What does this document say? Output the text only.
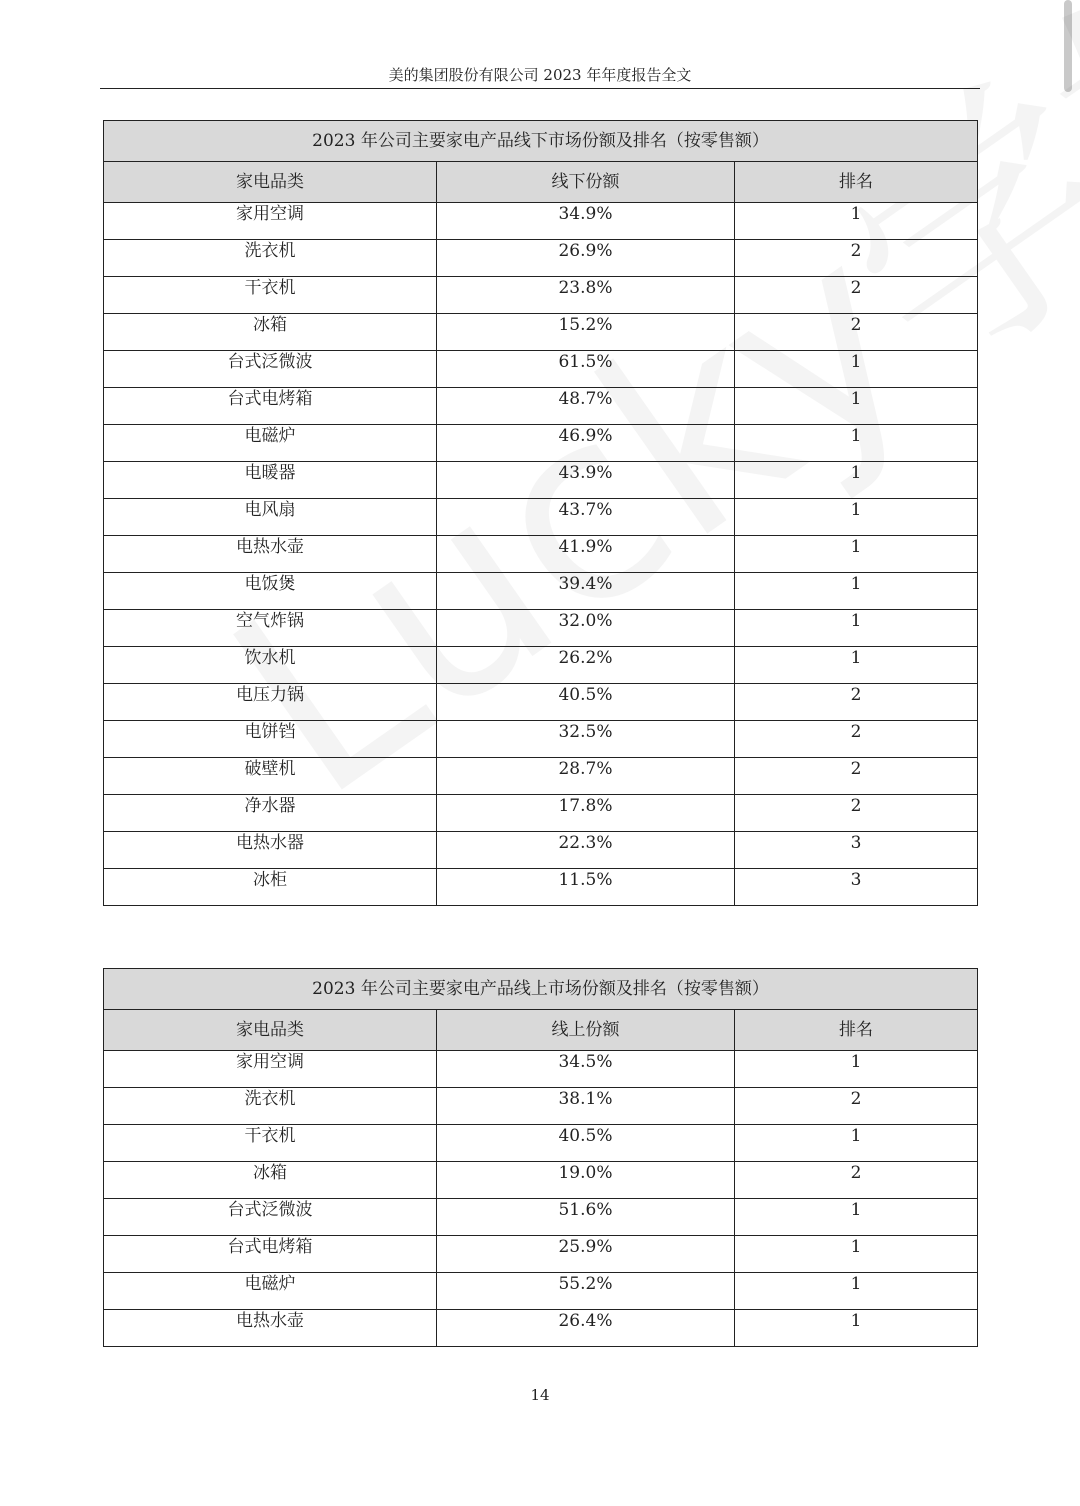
美的集团股份有限公司 2023 年年度报告全文
2023 年公司主要家电产品线下市场份额及排名（按零售额）		
家电品类	线下份额	排名
家用空调	34.9%	1
洗衣机	26.9%	2
干衣机	23.8%	2
冰箱	15.2%	2
台式泛微波	61.5%	1
台式电烤箱	48.7%	1
电磁炉	46.9%	1
电暖器	43.9%	1
电风扇	43.7%	1
电热水壶	41.9%	1
电饭煲	39.4%	1
空气炸锅	32.0%	1
饮水机	26.2%	1
电压力锅	40.5%	2
电饼铛	32.5%	2
破壁机	28.7%	2
净水器	17.8%	2
电热水器	22.3%	3
冰柜	11.5%	3
2023 年公司主要家电产品线上市场份额及排名（按零售额）		
家电品类	线上份额	排名
家用空调	34.5%	1
洗衣机	38.1%	2
干衣机	40.5%	1
冰箱	19.0%	2
台式泛微波	51.6%	1
台式电烤箱	25.9%	1
电磁炉	55.2%	1
电热水壶	26.4%	1
14
